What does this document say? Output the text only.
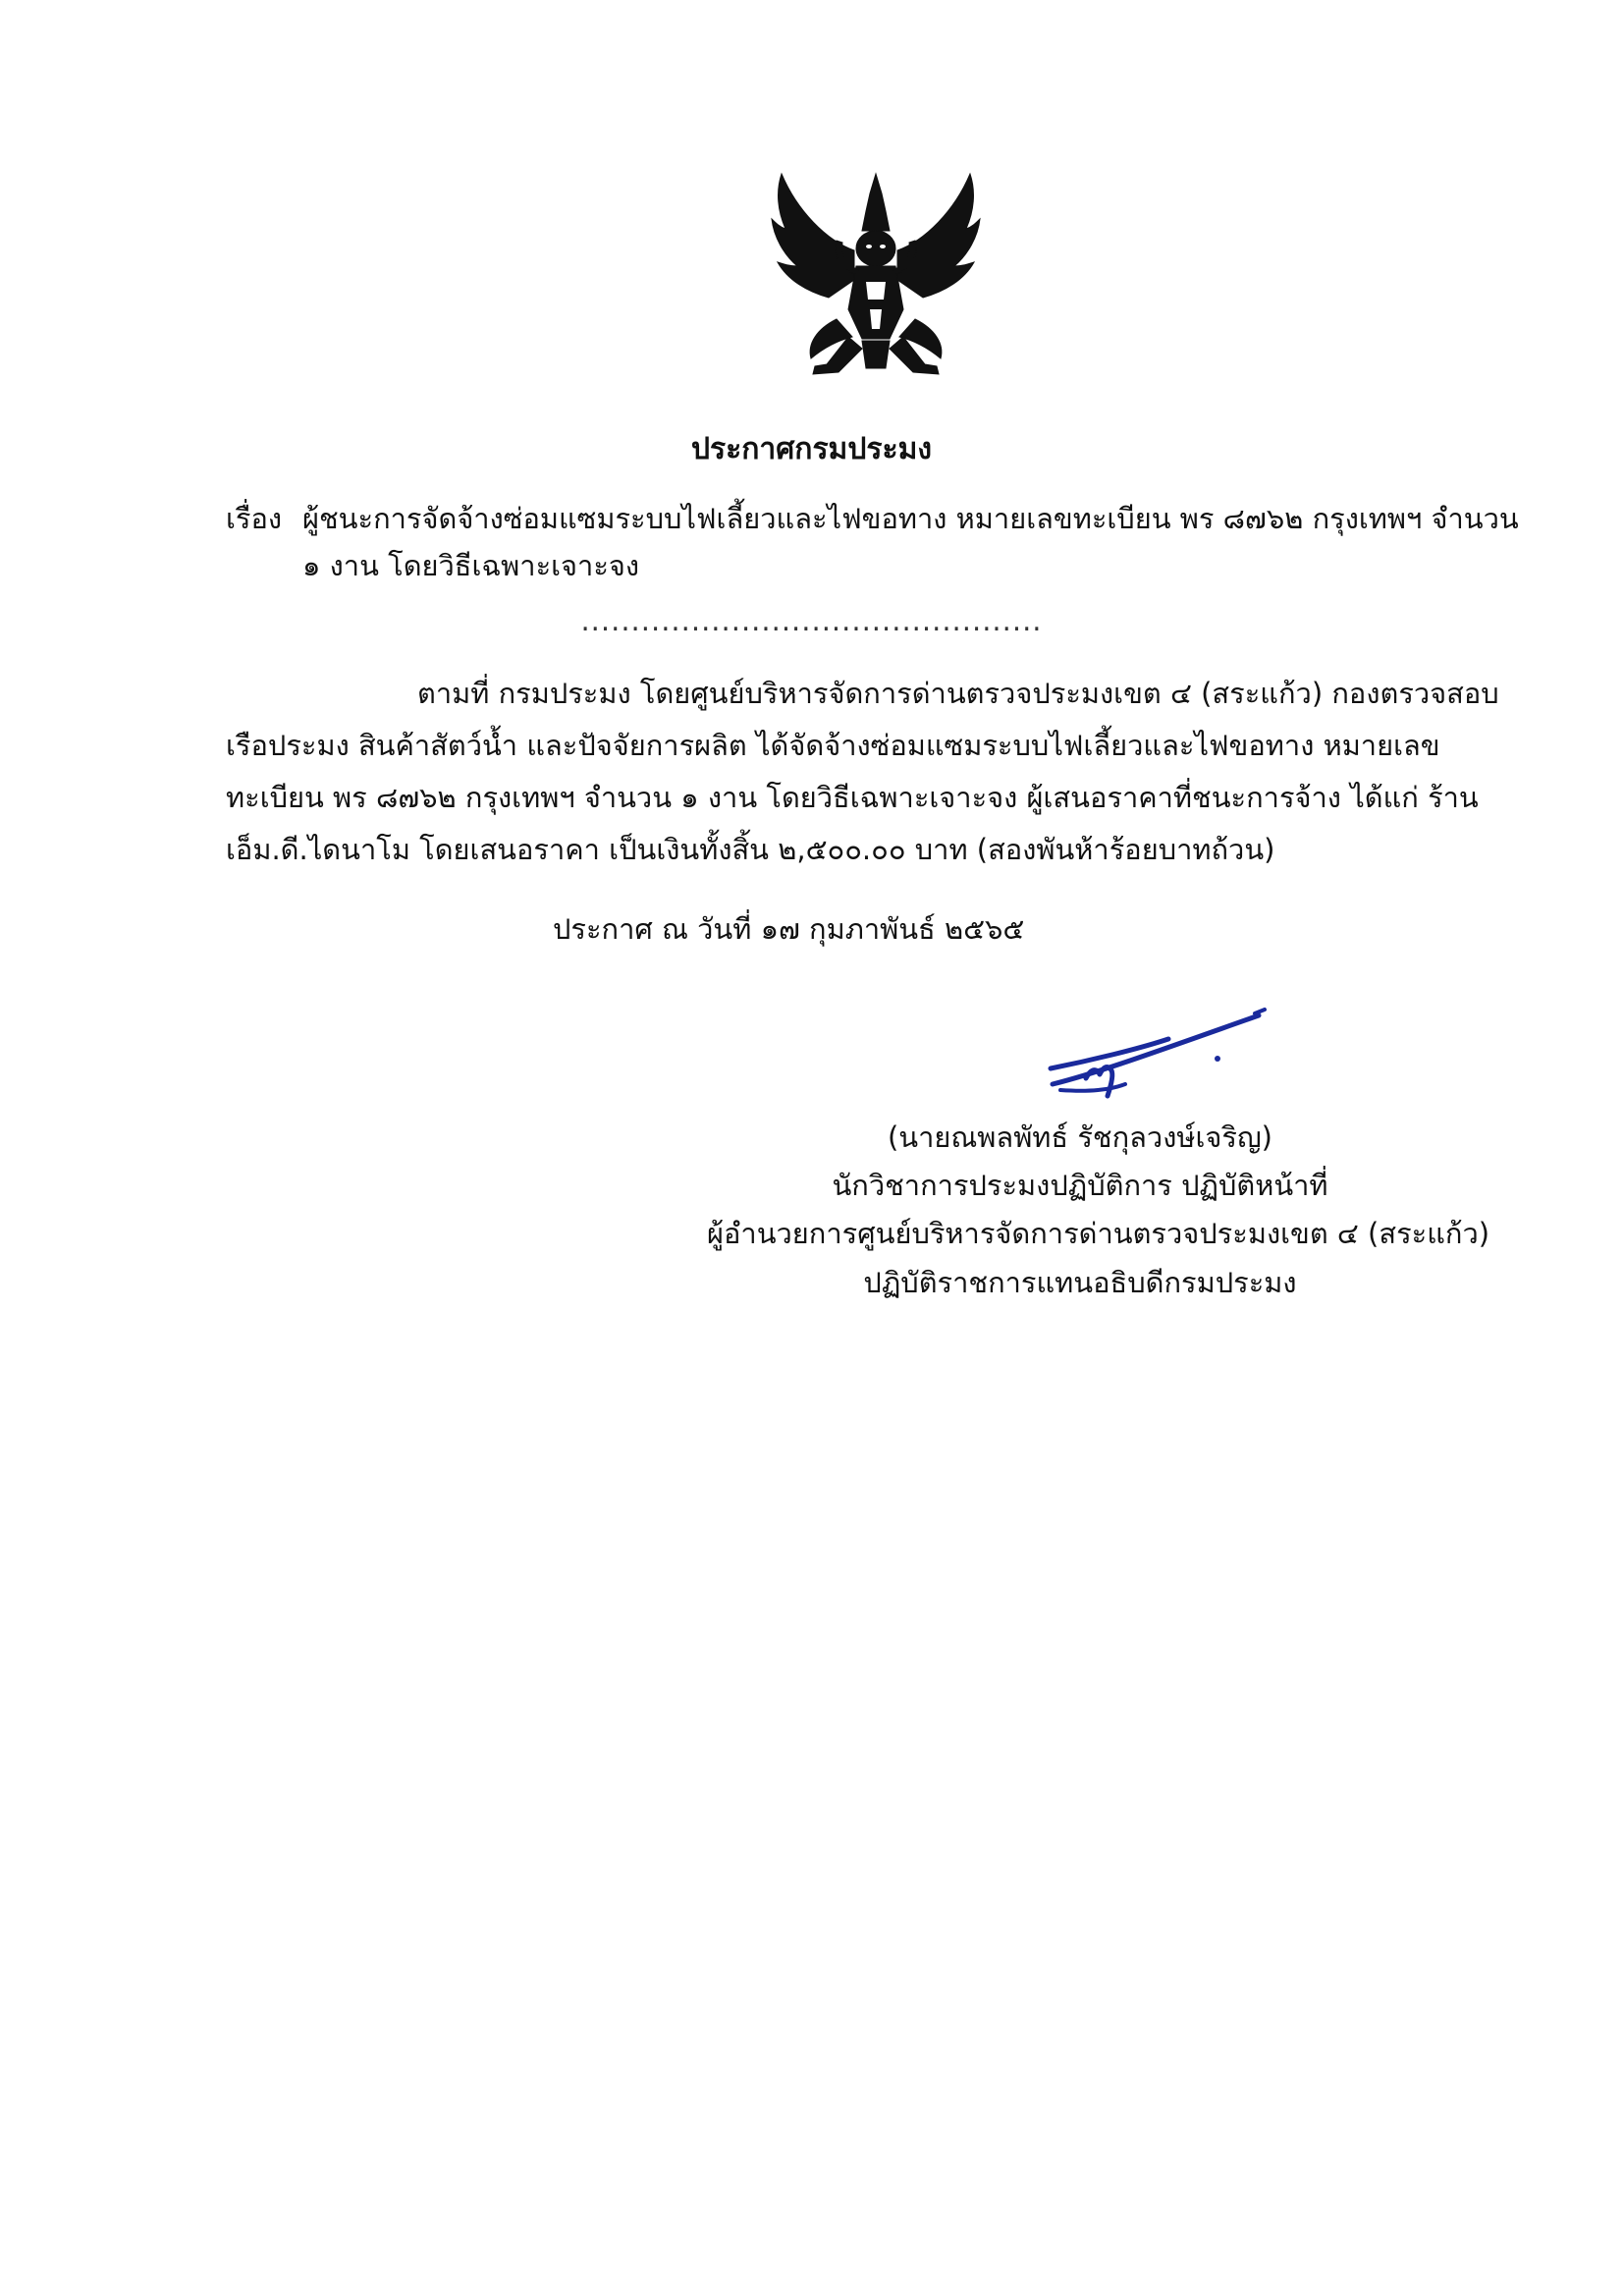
ประกาศกรมประมง
เรื่อง ผู้ชนะการจัดจ้างซ่อมแซมระบบไฟเลี้ยวและไฟขอทาง หมายเลขทะเบียน พร ๘๗๖๒ กรุงเทพฯ จำนวน
๑ งาน โดยวิธีเฉพาะเจาะจง
..............................................
ตามที่ กรมประมง โดยศูนย์บริหารจัดการด่านตรวจประมงเขต ๔ (สระแก้ว) กองตรวจสอบ
เรือประมง สินค้าสัตว์น้ำ และปัจจัยการผลิต ได้จัดจ้างซ่อมแซมระบบไฟเลี้ยวและไฟขอทาง หมายเลข
ทะเบียน พร ๘๗๖๒ กรุงเทพฯ จำนวน ๑ งาน โดยวิธีเฉพาะเจาะจง ผู้เสนอราคาที่ชนะการจ้าง ได้แก่ ร้าน
เอ็ม.ดี.ไดนาโม โดยเสนอราคา เป็นเงินทั้งสิ้น ๒,๕๐๐.๐๐ บาท (สองพันห้าร้อยบาทถ้วน)
ประกาศ ณ วันที่ ๑๗ กุมภาพันธ์ ๒๕๖๕
(นายณพลพัทธ์ รัชกุลวงษ์เจริญ)
นักวิชาการประมงปฏิบัติการ ปฏิบัติหน้าที่
ผู้อำนวยการศูนย์บริหารจัดการด่านตรวจประมงเขต ๔ (สระแก้ว)
ปฏิบัติราชการแทนอธิบดีกรมประมง
